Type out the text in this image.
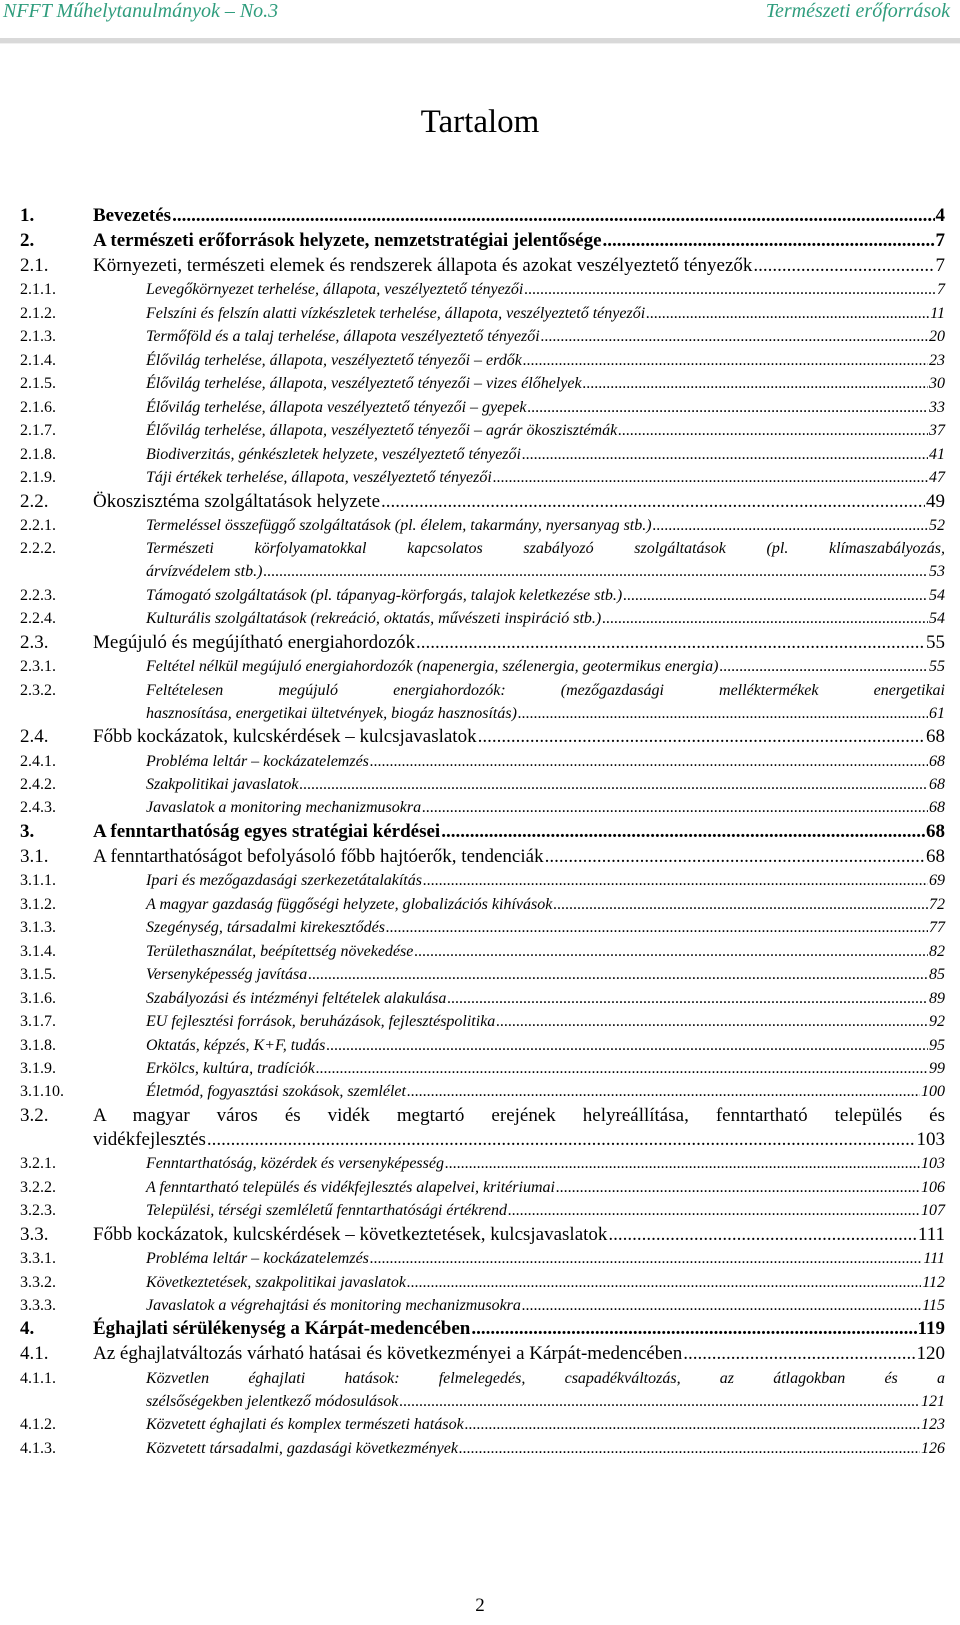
NFFT Műhelytanulmányok – No.3	Természeti erőforrások
Tartalom
1.	Bevezetés .....	4
2.	A természeti erőforrások helyzete, nemzetstratégiai jelentősége .....	7
2.1. Környezeti, természeti elemek és rendszerek állapota és azokat veszélyeztető tényezők .....	7
2.1.1.	Levegőkörnyezet terhelése, állapota, veszélyeztető tényezői .....	7
2.1.2.	Felszíni és felszín alatti vízkészletek terhelése, állapota, veszélyeztető tényezői .....	11
2.1.3.	Termőföld és a talaj terhelése, állapota veszélyeztető tényezői .....	20
2.1.4.	Élővilág terhelése, állapota, veszélyeztető tényezői – erdők .....	23
2.1.5.	Élővilág terhelése, állapota, veszélyeztető tényezői – vizes élőhelyek .....	30
2.1.6.	Élővilág terhelése, állapota veszélyeztető tényezői – gyepek .....	33
2.1.7.	Élővilág terhelése, állapota, veszélyeztető tényezői – agrár ökoszisztémák .....	37
2.1.8.	Biodiverzitás, génkészletek helyzete, veszélyeztető tényezői .....	41
2.1.9.	Táji értékek terhelése, állapota, veszélyeztető tényezői .....	47
2.2. Ökoszisztéma szolgáltatások helyzete .....	49
2.2.1.	Termeléssel összefüggő szolgáltatások (pl. élelem, takarmány, nyersanyag stb.) .....	52
2.2.2.	Természeti körfolyamatokkal kapcsolatos szabályozó szolgáltatások (pl. klímaszabályozás,
árvízvédelem stb.) .....	53
2.2.3.	Támogató szolgáltatások (pl. tápanyag-körforgás, talajok keletkezése stb.) .....	54
2.2.4.	Kulturális szolgáltatások (rekreáció, oktatás, művészeti inspiráció stb.) .....	54
2.3. Megújuló és megújítható energiahordozók .....	55
2.3.1.	Feltétel nélkül megújuló energiahordozók (napenergia, szélenergia, geotermikus energia) .....	55
2.3.2.	Feltételesen megújuló energiahordozók: (mezőgazdasági melléktermékek energetikai
hasznosítása, energetikai ültetvények, biogáz hasznosítás) .....	61
2.4. Főbb kockázatok, kulcskérdések – kulcsjavaslatok .....	68
2.4.1.	Probléma leltár – kockázatelemzés .....	68
2.4.2.	Szakpolitikai javaslatok .....	68
2.4.3.	Javaslatok a monitoring mechanizmusokra .....	68
3.	A fenntarthatóság egyes stratégiai kérdései .....	68
3.1. A fenntarthatóságot befolyásoló főbb hajtóerők, tendenciák .....	68
3.1.1.	Ipari és mezőgazdasági szerkezetátalakítás .....	69
3.1.2.	A magyar gazdaság függőségi helyzete, globalizációs kihívások .....	72
3.1.3.	Szegénység, társadalmi kirekesztődés .....	77
3.1.4.	Területhasználat, beépítettség növekedése .....	82
3.1.5.	Versenyképesség javítása .....	85
3.1.6.	Szabályozási és intézményi feltételek alakulása .....	89
3.1.7.	EU fejlesztési források, beruházások, fejlesztéspolitika .....	92
3.1.8.	Oktatás, képzés, K+F, tudás .....	95
3.1.9.	Erkölcs, kultúra, tradíciók .....	99
3.1.10.	Életmód, fogyasztási szokások, szemlélet .....	100
3.2. A magyar város és vidék megtartó erejének helyreállítása, fenntartható település és
vidékfejlesztés .....	103
3.2.1.	Fenntarthatóság, közérdek és versenyképesség .....	103
3.2.2.	A fenntartható település és vidékfejlesztés alapelvei, kritériumai .....	106
3.2.3.	Települési, térségi szemléletű fenntarthatósági értékrend .....	107
3.3. Főbb kockázatok, kulcskérdések – következtetések, kulcsjavaslatok .....	111
3.3.1.	Probléma leltár – kockázatelemzés .....	111
3.3.2.	Következtetések, szakpolitikai javaslatok .....	112
3.3.3.	Javaslatok a végrehajtási és monitoring mechanizmusokra .....	115
4.	Éghajlati sérülékenység a Kárpát-medencében .....	119
4.1. Az éghajlatváltozás várható hatásai és következményei a Kárpát-medencében .....	120
4.1.1.	Közvetlen éghajlati hatások: felmelegedés, csapadékváltozás, az átlagokban és a
szélsőségekben jelentkező módosulások .....	121
4.1.2.	Közvetett éghajlati és komplex természeti hatások .....	123
4.1.3.	Közvetett társadalmi, gazdasági következmények .....	126
2
